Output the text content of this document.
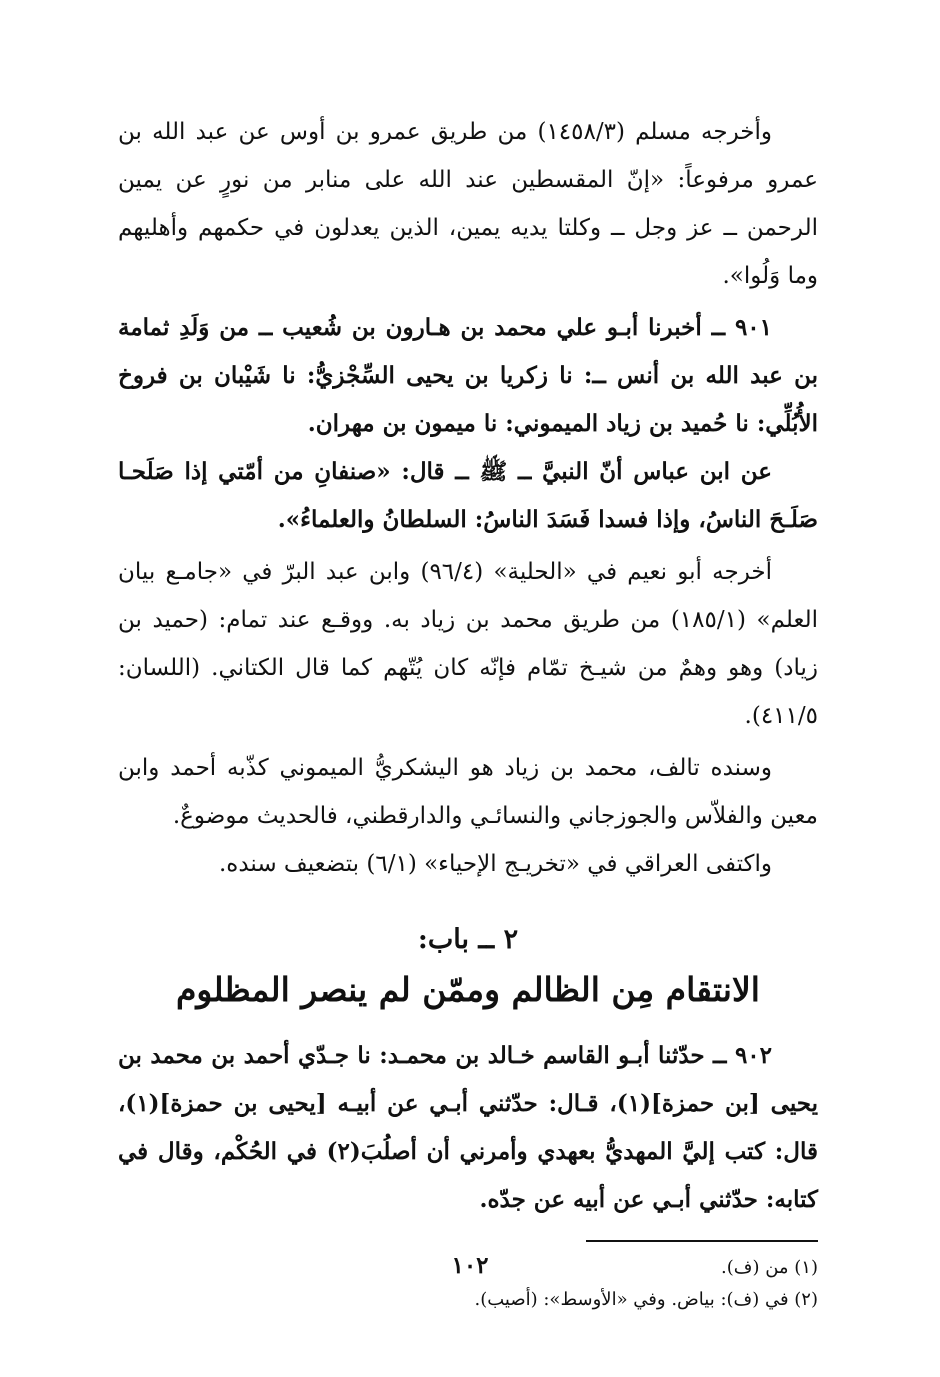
وأخرجه مسلم (١٤٥٨/٣) من طريق عمرو بن أوس عن عبد الله بن عمرو مرفوعاً: «إنّ المقسطين عند الله على منابر من نورٍ عن يمين الرحمن ــ عز وجل ــ وكلتا يديه يمين، الذين يعدلون في حكمهم وأهليهم وما وَلُوا».

٩٠١ ــ أخبرنا أبـو علي محمد بن هـارون بن شُعيب ــ من وَلَدِ ثمامة بن عبد الله بن أنس ــ: نا زكريا بن يحيى السِّجْزيُّ: نا شَيْبان بن فروخ الأُبُلِّي: نا حُميد بن زياد الميموني: نا ميمون بن مهران.

عن ابن عباس أنّ النبيَّ ــ ﷺ ــ قال: «صنفانِ من أمّتي إذا صَلَحـا صَلَـحَ الناسُ، وإذا فسدا فَسَدَ الناسُ: السلطانُ والعلماءُ».

أخرجه أبو نعيم في «الحلية» (٩٦/٤) وابن عبد البرّ في «جامـع بيان العلم» (١٨٥/١) من طريق محمد بن زياد به. ووقـع عند تمام: (حميد بن زياد) وهو وهمٌ من شيـخ تمّام فإنّه كان يُتّهم كما قال الكتاني. (اللسان: ٤١١/٥).

وسنده تالف، محمد بن زياد هو اليشكريُّ الميموني كذّبه أحمد وابن معين والفلاّس والجوزجاني والنسائـي والدارقطني، فالحديث موضوعٌ.

واكتفى العراقي في «تخريـج الإحياء» (٦/١) بتضعيف سنده.

٢ ــ باب:
الانتقام مِن الظالم وممّن لم ينصر المظلوم

٩٠٢ ــ حدّثنا أبـو القاسم خـالد بن محمـد: نا جـدّي أحمد بن محمد بن يحيى [بن حمزة](١)، قـال: حدّثني أبـي عن أبيـه [يحيى بن حمزة](١)، قال: كتب إليَّ المهديُّ بعهدي وأمرني أن أصلُبَ(٢) في الحُكْم، وقال في كتابه: حدّثني أبـي عن أبيه عن جدّه.

(١) من (ف).

(٢) في (ف): بياض. وفي «الأوسط»: (أصيب).

١٠٢
